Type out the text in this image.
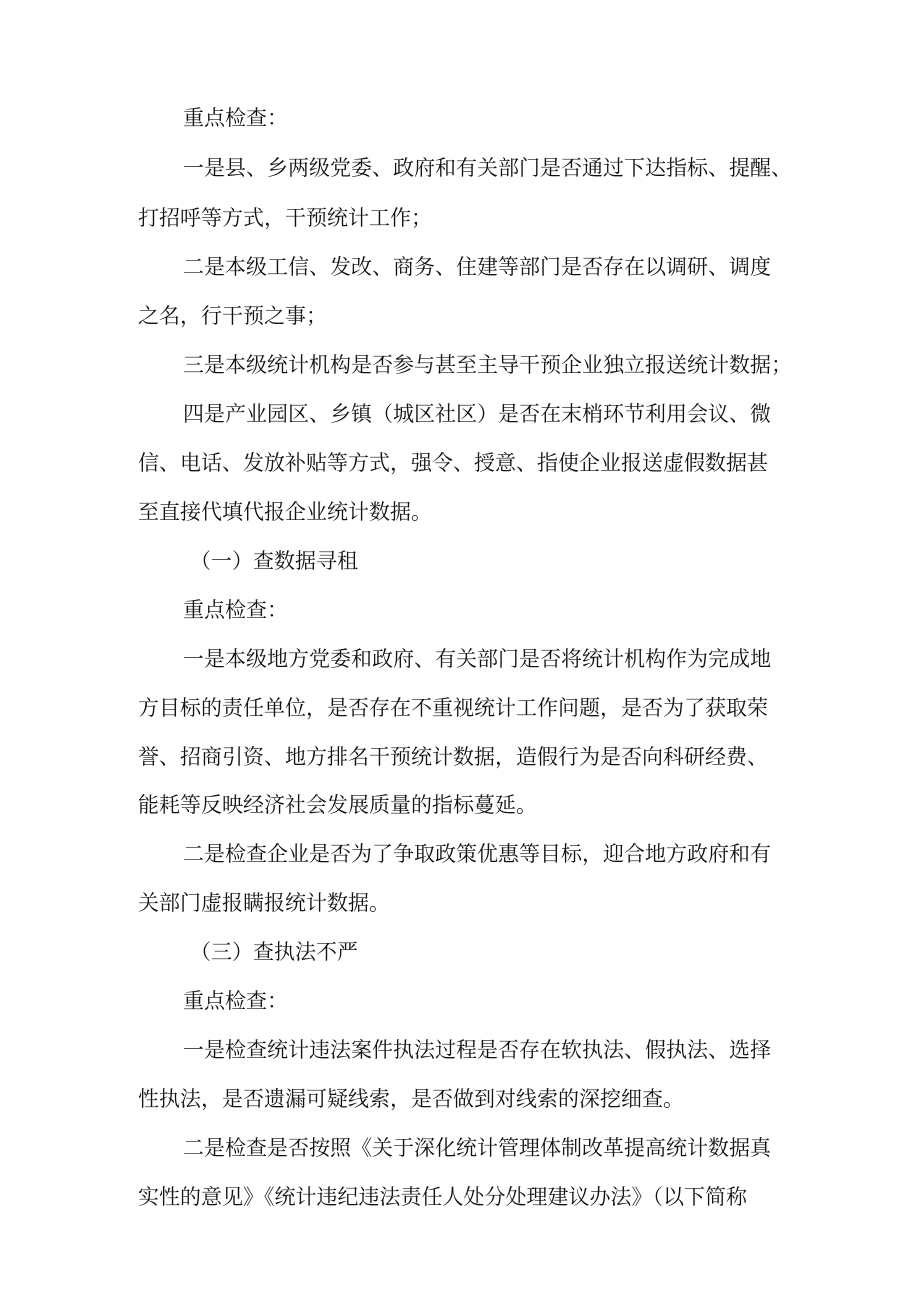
重点检查：
一是县、乡两级党委、政府和有关部门是否通过下达指标、提醒、
打招呼等方式，干预统计工作；
二是本级工信、发改、商务、住建等部门是否存在以调研、调度
之名，行干预之事；
三是本级统计机构是否参与甚至主导干预企业独立报送统计数据；
四是产业园区、乡镇（城区社区）是否在末梢环节利用会议、微
信、电话、发放补贴等方式，强令、授意、指使企业报送虚假数据甚
至直接代填代报企业统计数据。
（一）查数据寻租
重点检查：
一是本级地方党委和政府、有关部门是否将统计机构作为完成地
方目标的责任单位，是否存在不重视统计工作问题，是否为了获取荣
誉、招商引资、地方排名干预统计数据，造假行为是否向科研经费、
能耗等反映经济社会发展质量的指标蔓延。
二是检查企业是否为了争取政策优惠等目标，迎合地方政府和有
关部门虚报瞒报统计数据。
（三）查执法不严
重点检查：
一是检查统计违法案件执法过程是否存在软执法、假执法、选择
性执法，是否遗漏可疑线索，是否做到对线索的深挖细查。
二是检查是否按照《关于深化统计管理体制改革提高统计数据真
实性的意见》《统计违纪违法责任人处分处理建议办法》（以下简称
